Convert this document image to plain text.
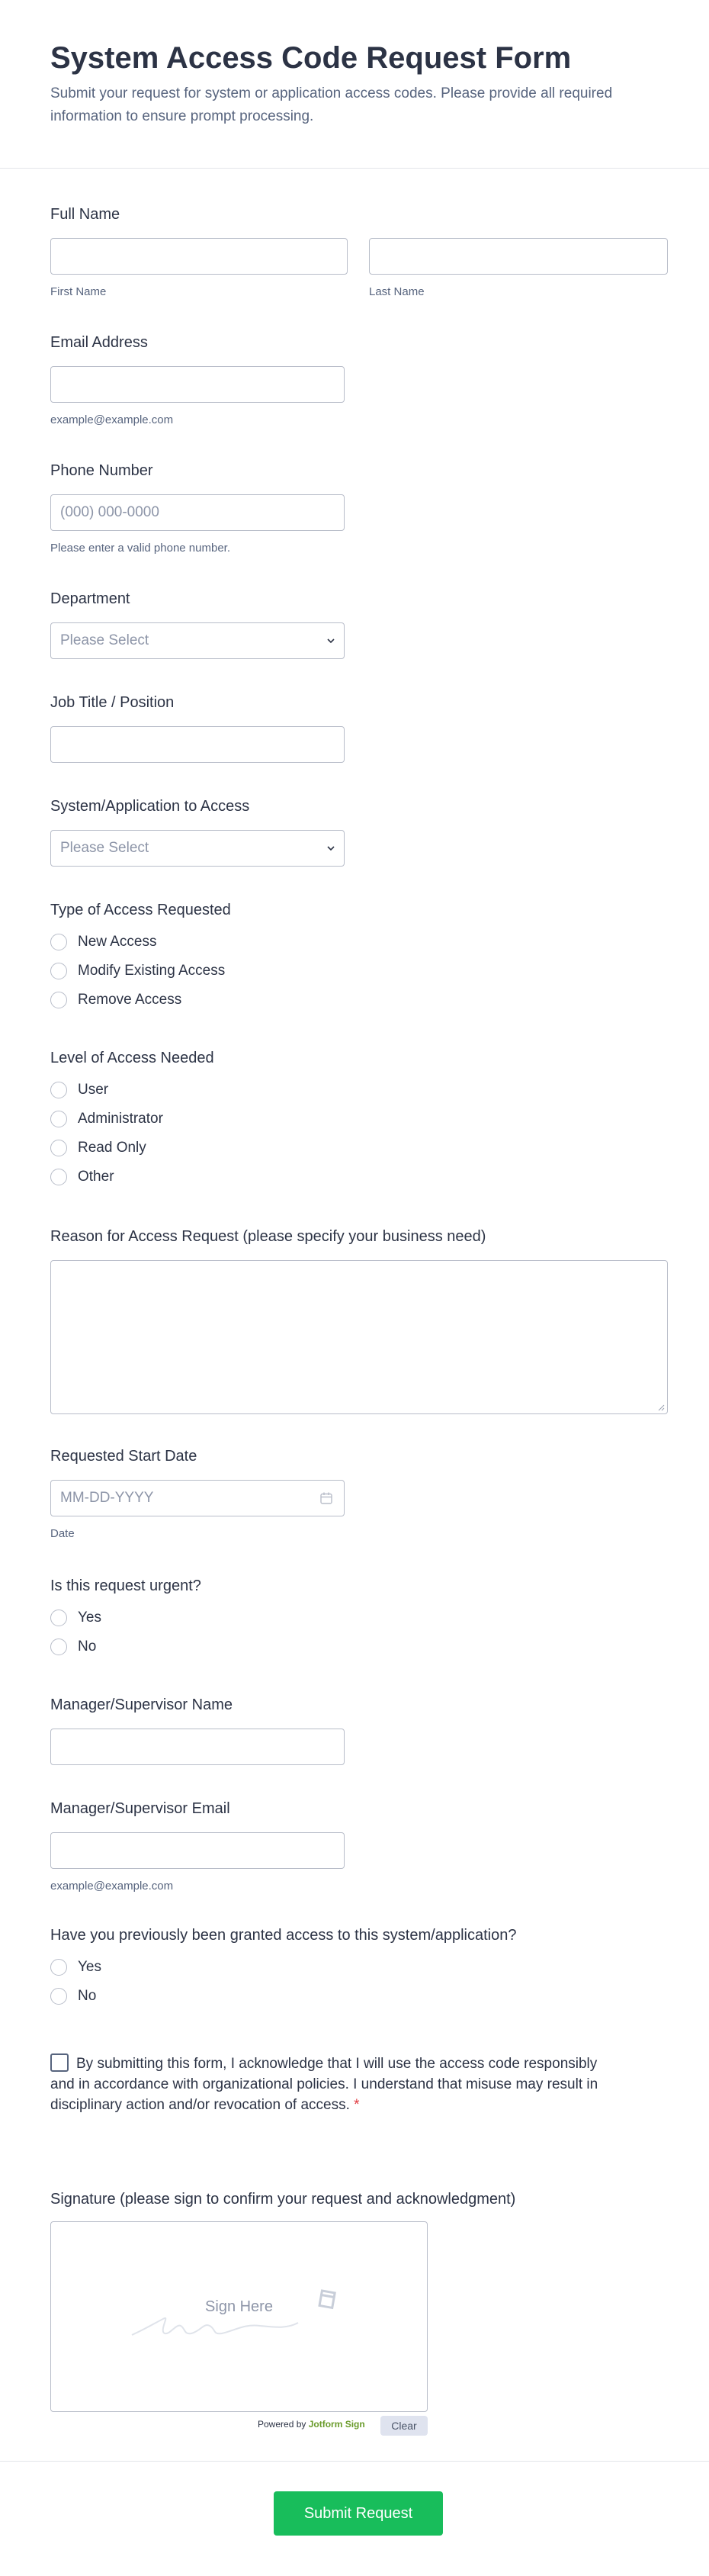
System Access Code Request Form

Submit your request for system or application access codes. Please provide all required information to ensure prompt processing.

Full Name
First Name	Last Name
Email Address
example@example.com
Phone Number
(000) 000-0000
Please enter a valid phone number.
Department
Please Select
Job Title / Position
System/Application to Access
Please Select
Type of Access Requested
New Access
Modify Existing Access
Remove Access
Level of Access Needed
User
Administrator
Read Only
Other
Reason for Access Request (please specify your business need)
Requested Start Date
MM-DD-YYYY
Date
Is this request urgent?
Yes
No
Manager/Supervisor Name
Manager/Supervisor Email
example@example.com
Have you previously been granted access to this system/application?
Yes
No
By submitting this form, I acknowledge that I will use the access code responsibly and in accordance with organizational policies. I understand that misuse may result in disciplinary action and/or revocation of access. *
Signature (please sign to confirm your request and acknowledgment)
Sign Here
Powered by Jotform Sign	Clear
Submit Request
